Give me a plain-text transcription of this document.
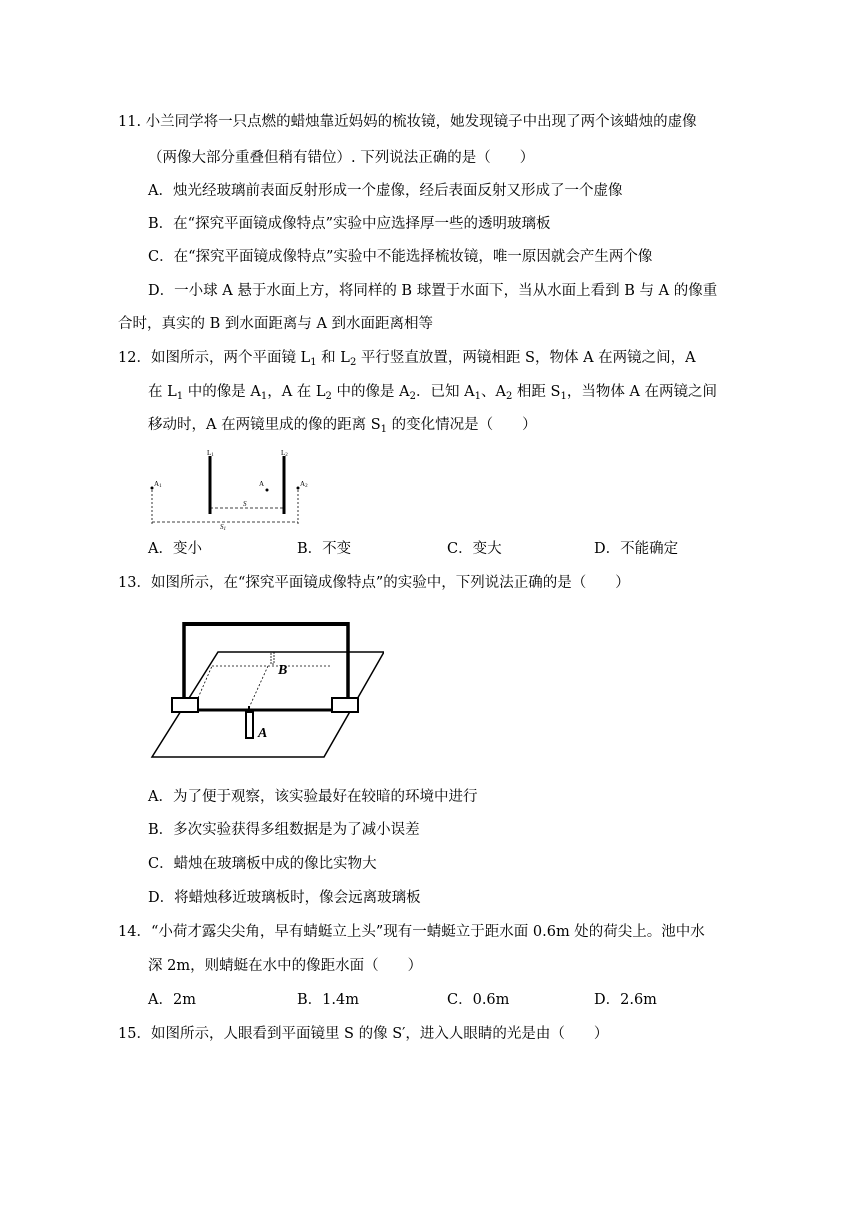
11. 小兰同学将一只点燃的蜡烛靠近妈妈的梳妆镜，她发现镜子中出现了两个该蜡烛的虚像
（两像大部分重叠但稍有错位）. 下列说法正确的是（　　）
A．烛光经玻璃前表面反射形成一个虚像，经后表面反射又形成了一个虚像
B．在“探究平面镜成像特点”实验中应选择厚一些的透明玻璃板
C．在“探究平面镜成像特点”实验中不能选择梳妆镜，唯一原因就会产生两个像
D．一小球 A 悬于水面上方，将同样的 B 球置于水面下，当从水面上看到 B 与 A 的像重
合时，真实的 B 到水面距离与 A 到水面距离相等
12．如图所示，两个平面镜 $L_1$ 和 $L_2$ 平行竖直放置，两镜相距 S，物体 A 在两镜之间，A
在 $L_1$ 中的像是 $A_1$，A 在 $L_2$ 中的像是 $A_2$．已知 $A_1$、$A_2$ 相距 $S_1$，当物体 A 在两镜之间
移动时，A 在两镜里成的像的距离 $S_1$ 的变化情况是（　　）
L1	L2
A1	A	A2
S
S1
A．变小	B．不变	C．变大	D．不能确定
13．如图所示，在“探究平面镜成像特点”的实验中，下列说法正确的是（　　）
B
A
A．为了便于观察，该实验最好在较暗的环境中进行
B．多次实验获得多组数据是为了减小误差
C．蜡烛在玻璃板中成的像比实物大
D．将蜡烛移近玻璃板时，像会远离玻璃板
14．“小荷才露尖尖角，早有蜻蜓立上头”现有一蜻蜓立于距水面 0.6m 处的荷尖上。池中水
深 2m，则蜻蜓在水中的像距水面（　　）
A．2m	B．1.4m	C．0.6m	D．2.6m
15．如图所示，人眼看到平面镜里 S 的像 S′，进入人眼睛的光是由（　　）
